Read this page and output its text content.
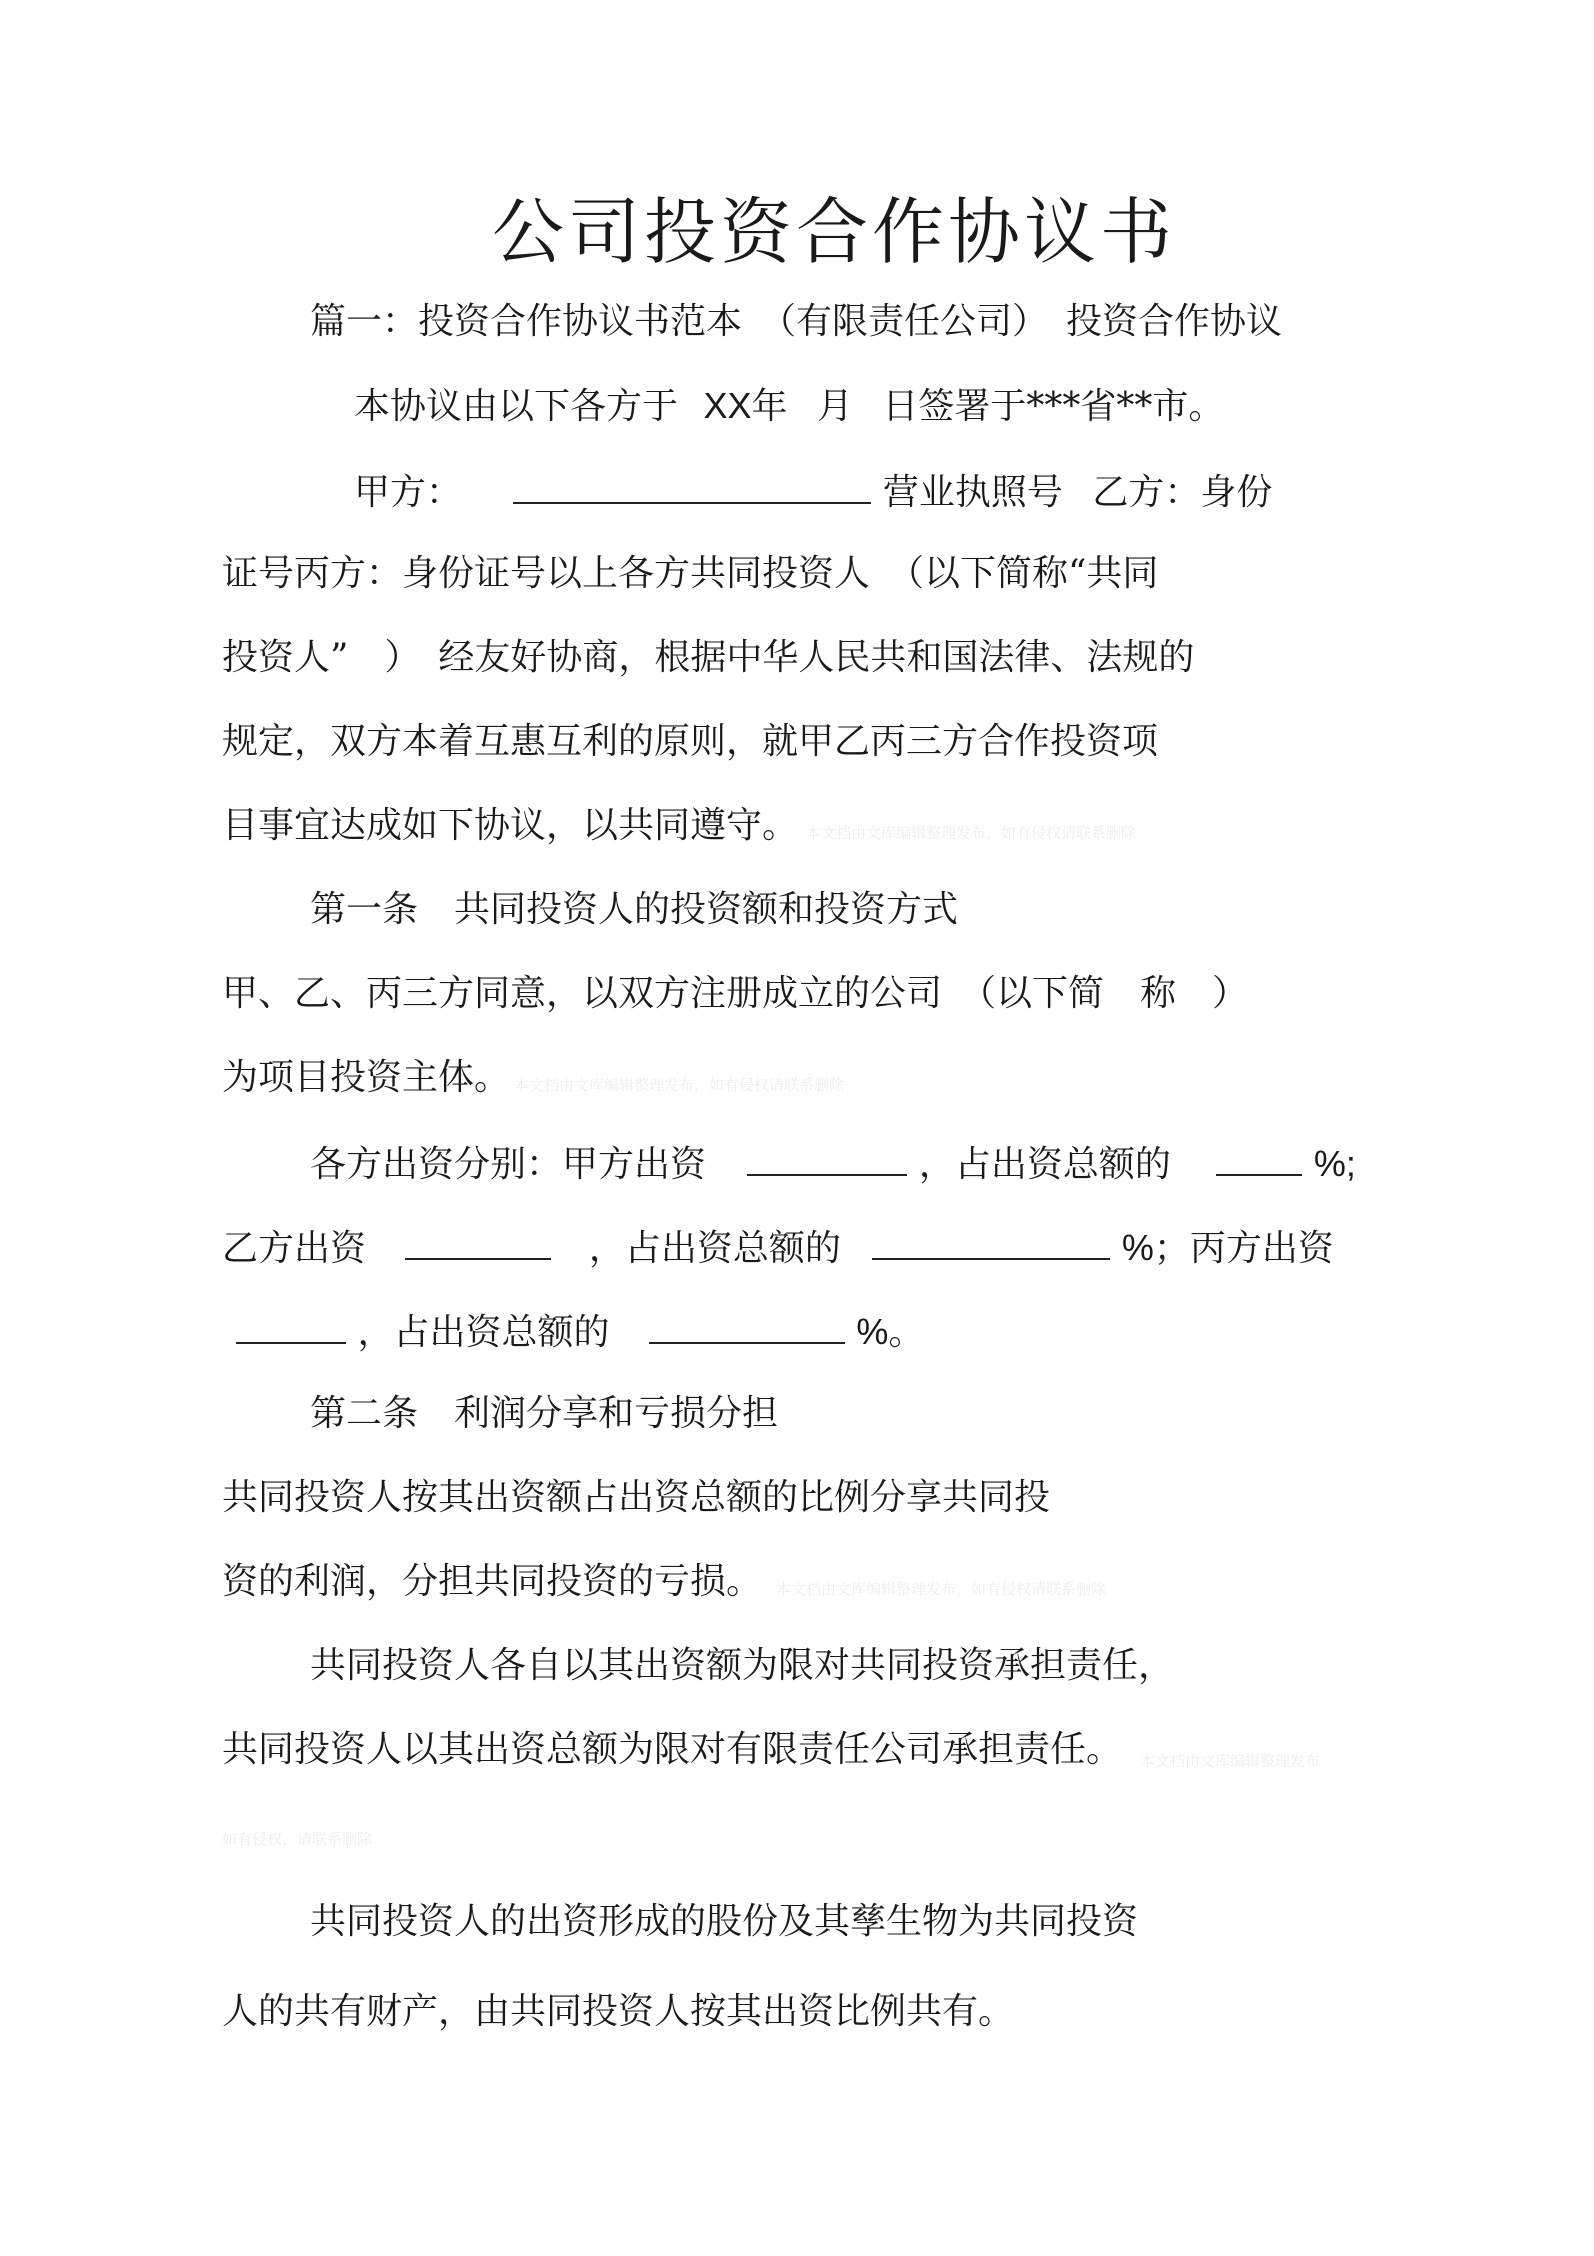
公司投资合作协议书
篇一：投资合作协议书范本　（有限责任公司）　投资合作协议
本协议由以下各方于 XX年 月 日签署于***省**市。
甲方：	营业执照号 乙方：身份
证号丙方：身份证号以上各方共同投资人　（以下简称“共同
投资人”　）　经友好协商，根据中华人民共和国法律、法规的
规定，双方本着互惠互利的原则，就甲乙丙三方合作投资项
目事宜达成如下协议，以共同遵守。 本文档由文库编辑整理发布，如有侵权请联系删除
第一条　共同投资人的投资额和投资方式
甲、乙、丙三方同意，以双方注册成立的公司　（以下简　称　）
为项目投资主体。 本文档由文库编辑整理发布，如有侵权请联系删除
各方出资分别：甲方出资	，占出资总额的	%;
乙方出资	，占出资总额的	%；丙方出资
，占出资总额的	%。
第二条　利润分享和亏损分担
共同投资人按其出资额占出资总额的比例分享共同投
资的利润，分担共同投资的亏损。 本文档由文库编辑整理发布，如有侵权请联系删除
共同投资人各自以其出资额为限对共同投资承担责任，
共同投资人以其出资总额为限对有限责任公司承担责任。 本文档由文库编辑整理发布
如有侵权，请联系删除
共同投资人的出资形成的股份及其孳生物为共同投资
人的共有财产，由共同投资人按其出资比例共有。
